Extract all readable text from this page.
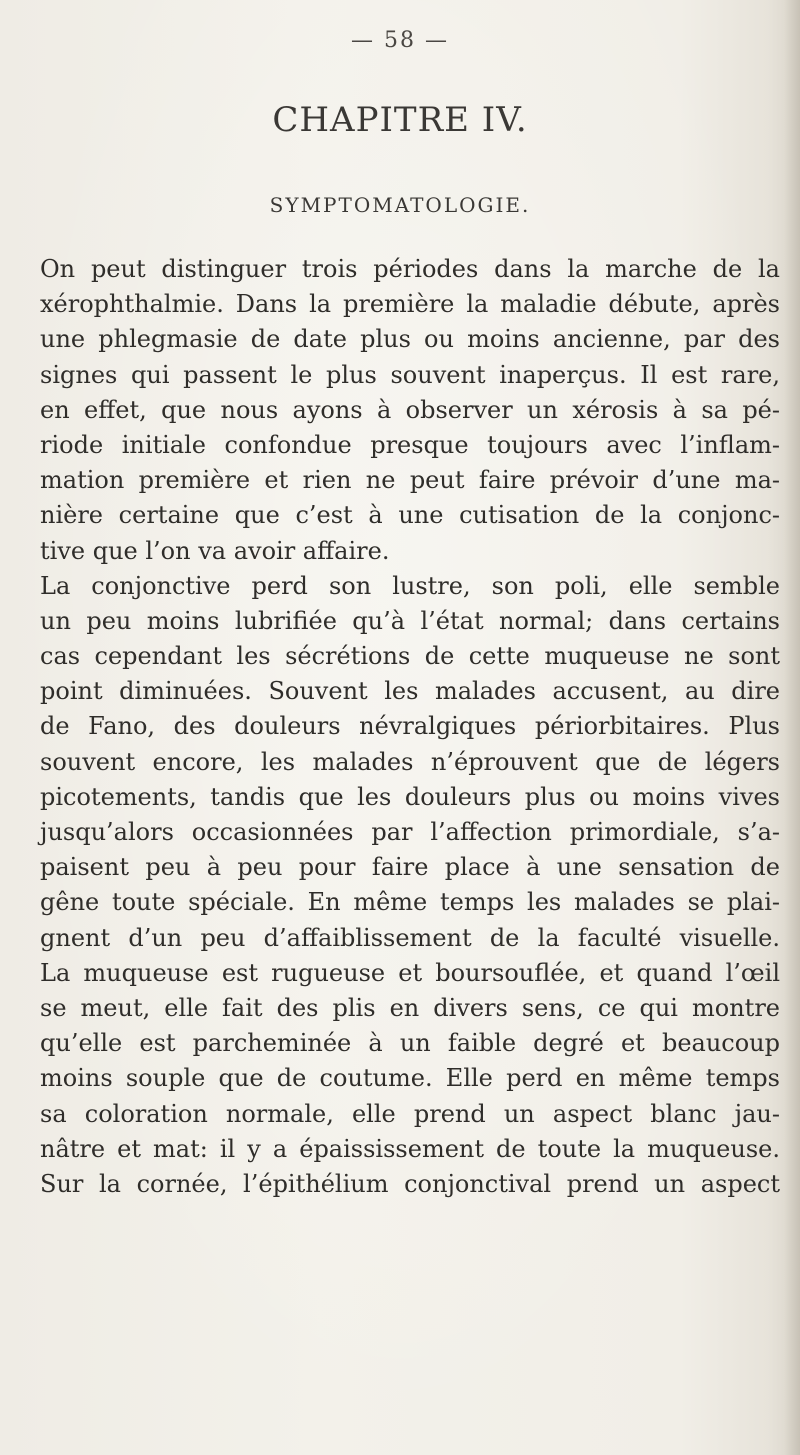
— 58 —
CHAPITRE IV.
SYMPTOMATOLOGIE.
On peut distinguer trois périodes dans la marche de la
xérophthalmie. Dans la première la maladie débute, après
une phlegmasie de date plus ou moins ancienne, par des
signes qui passent le plus souvent inaperçus. Il est rare,
en effet, que nous ayons à observer un xérosis à sa pé-
riode initiale confondue presque toujours avec l’inflam-
mation première et rien ne peut faire prévoir d’une ma-
nière certaine que c’est à une cutisation de la conjonc-
tive que l’on va avoir affaire.
La conjonctive perd son lustre, son poli, elle semble
un peu moins lubrifiée qu’à l’état normal; dans certains
cas cependant les sécrétions de cette muqueuse ne sont
point diminuées. Souvent les malades accusent, au dire
de Fano, des douleurs névralgiques périorbitaires. Plus
souvent encore, les malades n’éprouvent que de légers
picotements, tandis que les douleurs plus ou moins vives
jusqu’alors occasionnées par l’affection primordiale, s’a-
paisent peu à peu pour faire place à une sensation de
gêne toute spéciale. En même temps les malades se plai-
gnent d’un peu d’affaiblissement de la faculté visuelle.
La muqueuse est rugueuse et boursouflée, et quand l’œil
se meut, elle fait des plis en divers sens, ce qui montre
qu’elle est parcheminée à un faible degré et beaucoup
moins souple que de coutume. Elle perd en même temps
sa coloration normale, elle prend un aspect blanc jau-
nâtre et mat: il y a épaississement de toute la muqueuse.
Sur la cornée, l’épithélium conjonctival prend un aspect
